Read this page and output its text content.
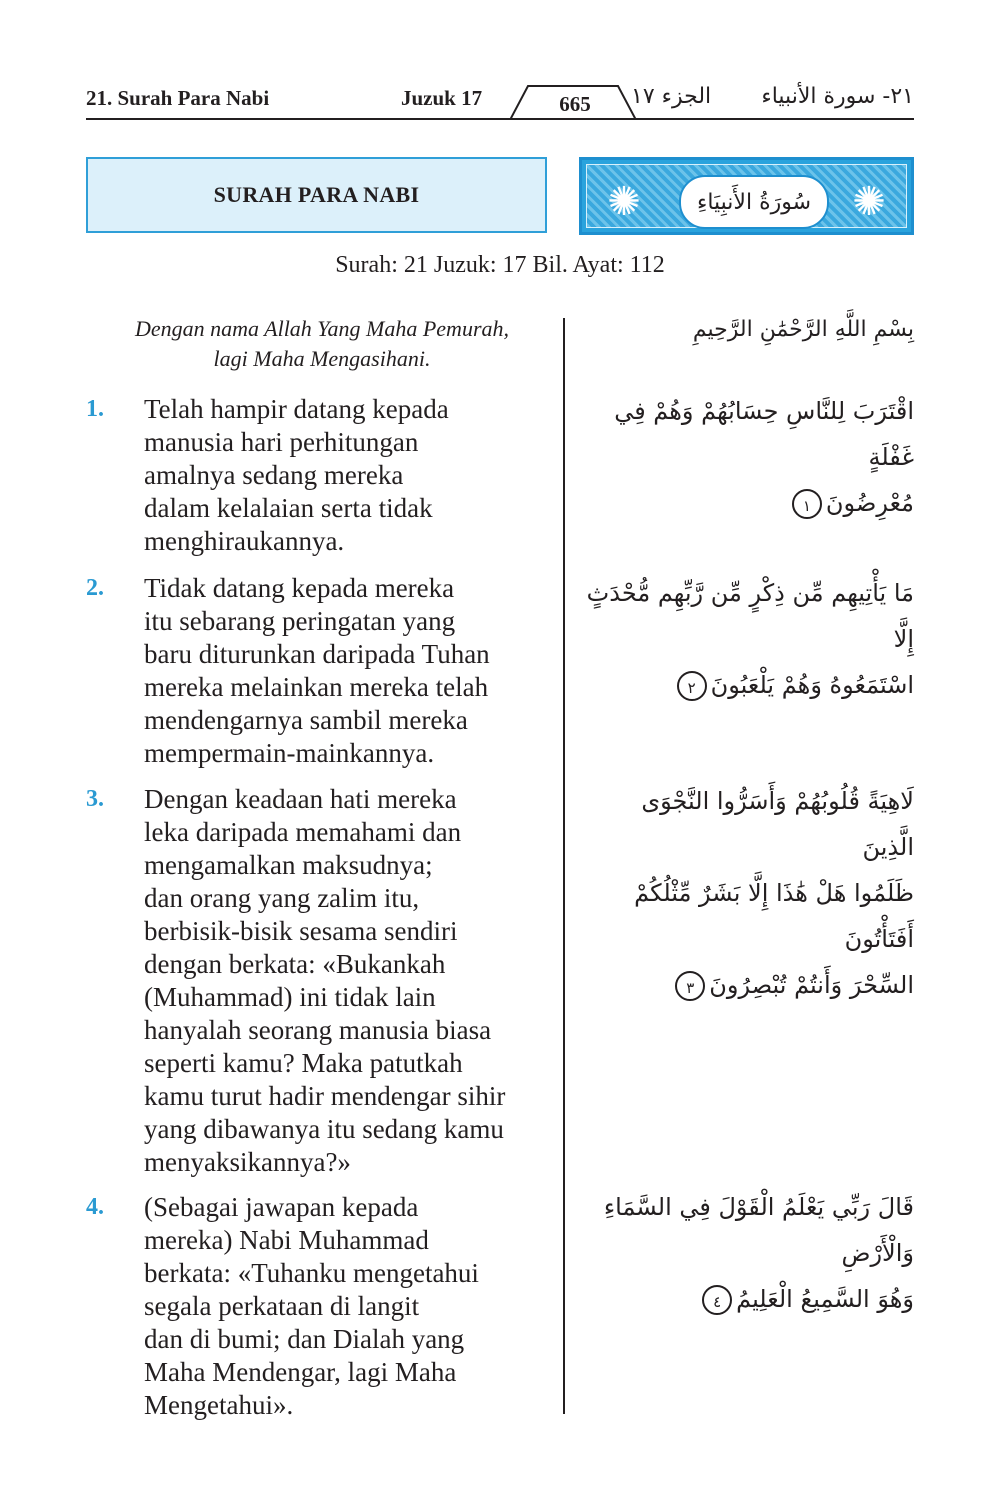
21. Surah Para Nabi	Juzuk 17	665	الجزء ١٧ ٢١- سورة الأنبياء
SURAH PARA NABI	✺	سُورَةُ الأَنبِيَاءِ ✺
Surah: 21 Juzuk: 17 Bil. Ayat: 112
Dengan nama Allah Yang Maha Pemurah,
lagi Maha Mengasihani.
بِسْمِ اللَّهِ الرَّحْمَٰنِ الرَّحِيمِ
1. Telah hampir datang kepada
manusia hari perhitungan
amalnya sedang mereka
dalam kelalaian serta tidak
menghiraukannya.
اقْتَرَبَ لِلنَّاسِ حِسَابُهُمْ وَهُمْ فِي غَفْلَةٍ
مُعْرِضُونَ١
2. Tidak datang kepada mereka
itu sebarang peringatan yang
baru diturunkan daripada Tuhan
mereka melainkan mereka telah
mendengarnya sambil mereka
mempermain-mainkannya.
مَا يَأْتِيهِم مِّن ذِكْرٍ مِّن رَّبِّهِم مُّحْدَثٍ إِلَّا
اسْتَمَعُوهُ وَهُمْ يَلْعَبُونَ٢
3. Dengan keadaan hati mereka
leka daripada memahami dan
mengamalkan maksudnya;
dan orang yang zalim itu,
berbisik-bisik sesama sendiri
dengan berkata: «Bukankah
(Muhammad) ini tidak lain
hanyalah seorang manusia biasa
seperti kamu? Maka patutkah
kamu turut hadir mendengar sihir
yang dibawanya itu sedang kamu
menyaksikannya?»
لَاهِيَةً قُلُوبُهُمْ وَأَسَرُّوا النَّجْوَى الَّذِينَ
ظَلَمُوا هَلْ هَٰذَا إِلَّا بَشَرٌ مِّثْلُكُمْ أَفَتَأْتُونَ
السِّحْرَ وَأَنتُمْ تُبْصِرُونَ٣
4. (Sebagai jawapan kepada
mereka) Nabi Muhammad
berkata: «Tuhanku mengetahui
segala perkataan di langit
dan di bumi; dan Dialah yang
Maha Mendengar, lagi Maha
Mengetahui».
قَالَ رَبِّي يَعْلَمُ الْقَوْلَ فِي السَّمَاءِ وَالْأَرْضِ
وَهُوَ السَّمِيعُ الْعَلِيمُ٤
